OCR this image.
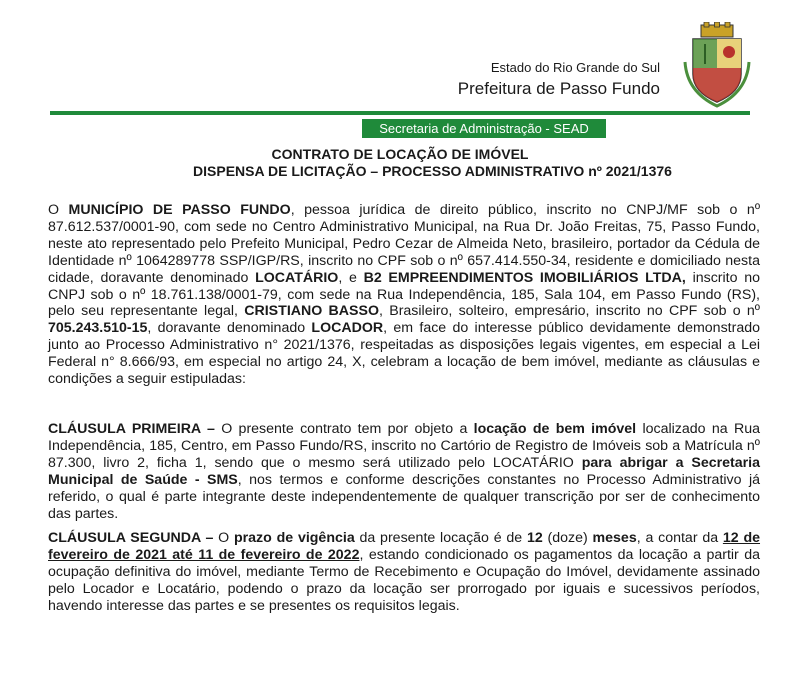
Estado do Rio Grande do Sul
Prefeitura de Passo Fundo
Secretaria de Administração - SEAD
CONTRATO DE LOCAÇÃO DE IMÓVEL
DISPENSA DE LICITAÇÃO – PROCESSO ADMINISTRATIVO nº 2021/1376

O MUNICÍPIO DE PASSO FUNDO, pessoa jurídica de direito público, inscrito no CNPJ/MF sob o nº 87.612.537/0001-90, com sede no Centro Administrativo Municipal, na Rua Dr. João Freitas, 75, Passo Fundo, neste ato representado pelo Prefeito Municipal, Pedro Cezar de Almeida Neto, brasileiro, portador da Cédula de Identidade nº 1064289778 SSP/IGP/RS, inscrito no CPF sob o nº 657.414.550-34, residente e domiciliado nesta cidade, doravante denominado LOCATÁRIO, e B2 EMPREENDIMENTOS IMOBILIÁRIOS LTDA, inscrito no CNPJ sob o nº 18.761.138/0001-79, com sede na Rua Independência, 185, Sala 104, em Passo Fundo (RS), pelo seu representante legal, CRISTIANO BASSO, Brasileiro, solteiro, empresário, inscrito no CPF sob o nº 705.243.510-15, doravante denominado LOCADOR, em face do interesse público devidamente demonstrado junto ao Processo Administrativo n° 2021/1376, respeitadas as disposições legais vigentes, em especial a Lei Federal n° 8.666/93, em especial no artigo 24, X, celebram a locação de bem imóvel, mediante as cláusulas e condições a seguir estipuladas:

CLÁUSULA PRIMEIRA – O presente contrato tem por objeto a locação de bem imóvel localizado na Rua Independência, 185, Centro, em Passo Fundo/RS, inscrito no Cartório de Registro de Imóveis sob a Matrícula nº 87.300, livro 2, ficha 1, sendo que o mesmo será utilizado pelo LOCATÁRIO para abrigar a Secretaria Municipal de Saúde - SMS, nos termos e conforme descrições constantes no Processo Administrativo já referido, o qual é parte integrante deste independentemente de qualquer transcrição por ser de conhecimento das partes.

CLÁUSULA SEGUNDA – O prazo de vigência da presente locação é de 12 (doze) meses, a contar da 12 de fevereiro de 2021 até 11 de fevereiro de 2022, estando condicionado os pagamentos da locação a partir da ocupação definitiva do imóvel, mediante Termo de Recebimento e Ocupação do Imóvel, devidamente assinado pelo Locador e Locatário, podendo o prazo da locação ser prorrogado por iguais e sucessivos períodos, havendo interesse das partes e se presentes os requisitos legais.
